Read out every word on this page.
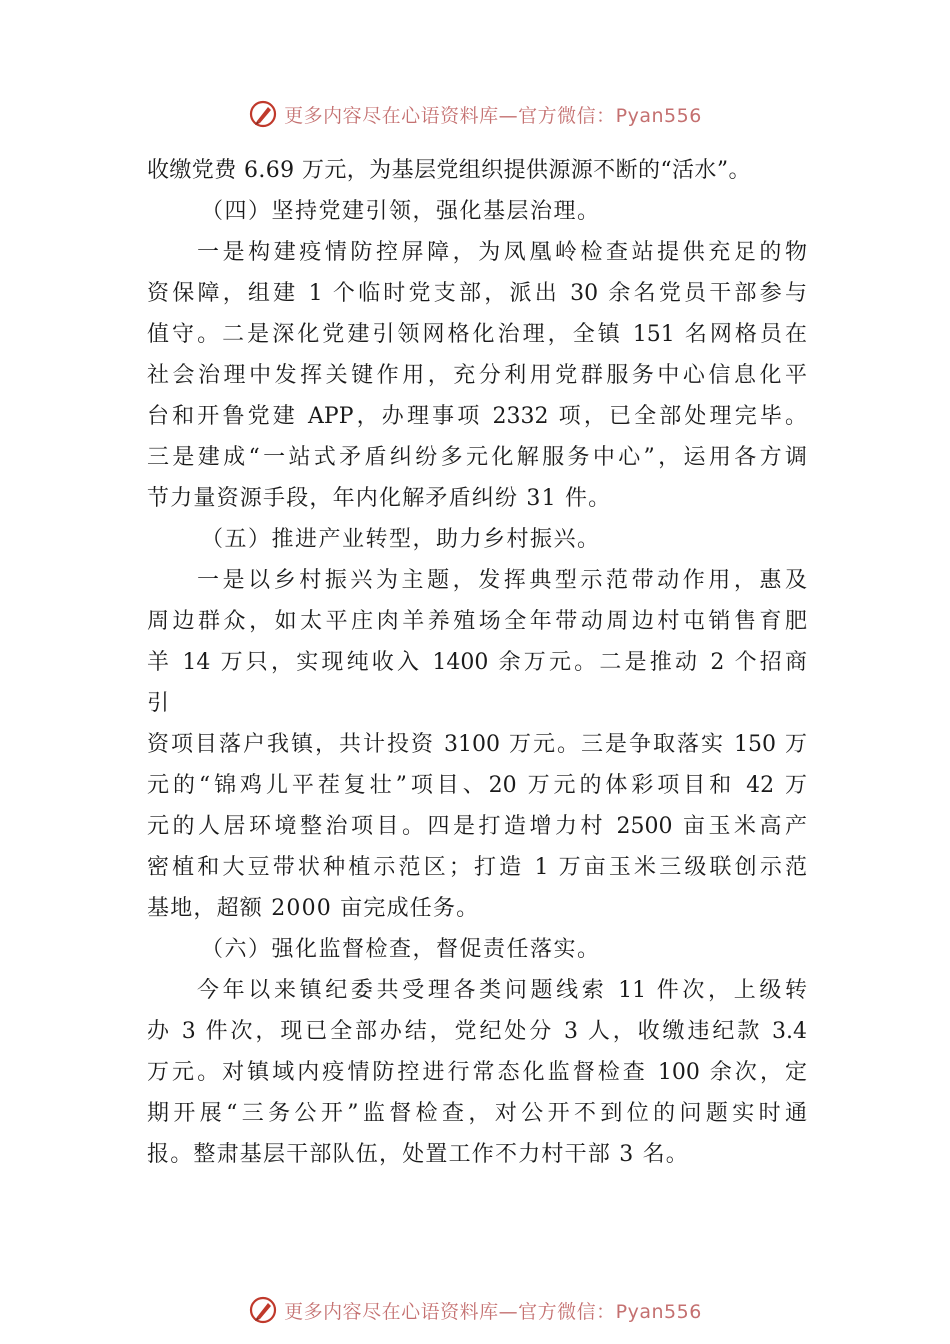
更多内容尽在心语资料库—官方微信：Pyan556
收缴党费 6.69 万元，为基层党组织提供源源不断的“活水”。
（四）坚持党建引领，强化基层治理。
一是构建疫情防控屏障，为凤凰岭检查站提供充足的物
资保障，组建 1 个临时党支部，派出 30 余名党员干部参与
值守。二是深化党建引领网格化治理，全镇 151 名网格员在
社会治理中发挥关键作用，充分利用党群服务中心信息化平
台和开鲁党建 APP，办理事项 2332 项，已全部处理完毕。
三是建成“一站式矛盾纠纷多元化解服务中心”，运用各方调
节力量资源手段，年内化解矛盾纠纷 31 件。
（五）推进产业转型，助力乡村振兴。
一是以乡村振兴为主题，发挥典型示范带动作用，惠及
周边群众，如太平庄肉羊养殖场全年带动周边村屯销售育肥
羊 14 万只，实现纯收入 1400 余万元。二是推动 2 个招商
引
资项目落户我镇，共计投资 3100 万元。三是争取落实 150 万
元的“锦鸡儿平茬复壮”项目、20 万元的体彩项目和 42 万
元的人居环境整治项目。四是打造增力村 2500 亩玉米高产
密植和大豆带状种植示范区；打造 1 万亩玉米三级联创示范
基地，超额 2000 亩完成任务。
（六）强化监督检查，督促责任落实。
今年以来镇纪委共受理各类问题线索 11 件次，上级转
办 3 件次，现已全部办结，党纪处分 3 人，收缴违纪款 3.4
万元。对镇域内疫情防控进行常态化监督检查 100 余次，定
期开展“三务公开”监督检查，对公开不到位的问题实时通
报。整肃基层干部队伍，处置工作不力村干部 3 名。
更多内容尽在心语资料库—官方微信：Pyan556
